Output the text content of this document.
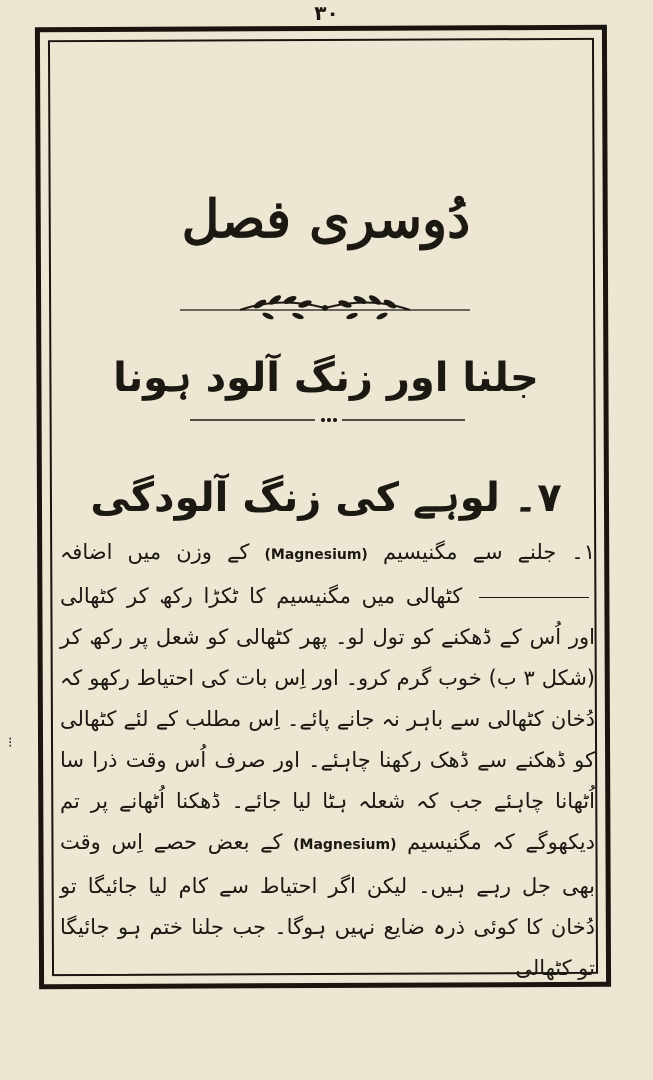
٣٠
⁝
دُوسری فصل
جلنا اور زنگ آلود ہونا
۷۔ لوہے کی زنگ آلودگی

۱۔ جلنے سے مگنیسیم (Magnesium) کے وزن میں اضافہ  کٹھالی میں مگنیسیم کا ٹکڑا رکھ کر کٹھالی اور اُس کے ڈھکنے کو تول لو۔ پھر کٹھالی کو شعل پر رکھ کر (شکل ۳ ب) خوب گرم کرو۔ اور اِس بات کی احتیاط رکھو کہ دُخان کٹھالی سے باہر نہ جانے پائے۔ اِس مطلب کے لئے کٹھالی کو ڈھکنے سے ڈھک رکھنا چاہئے۔ اور صرف اُس وقت ذرا سا اُٹھانا چاہئے جب کہ شعلہ ہٹا لیا جائے۔ ڈھکنا اُٹھانے پر تم دیکھوگے کہ مگنیسیم (Magnesium) کے بعض حصے اِس وقت بھی جل رہے ہیں۔ لیکن اگر احتیاط سے کام لیا جائیگا تو دُخان کا کوئی ذرہ ضایع نہیں ہوگا۔ جب جلنا ختم ہو جائیگا تو کٹھالی
